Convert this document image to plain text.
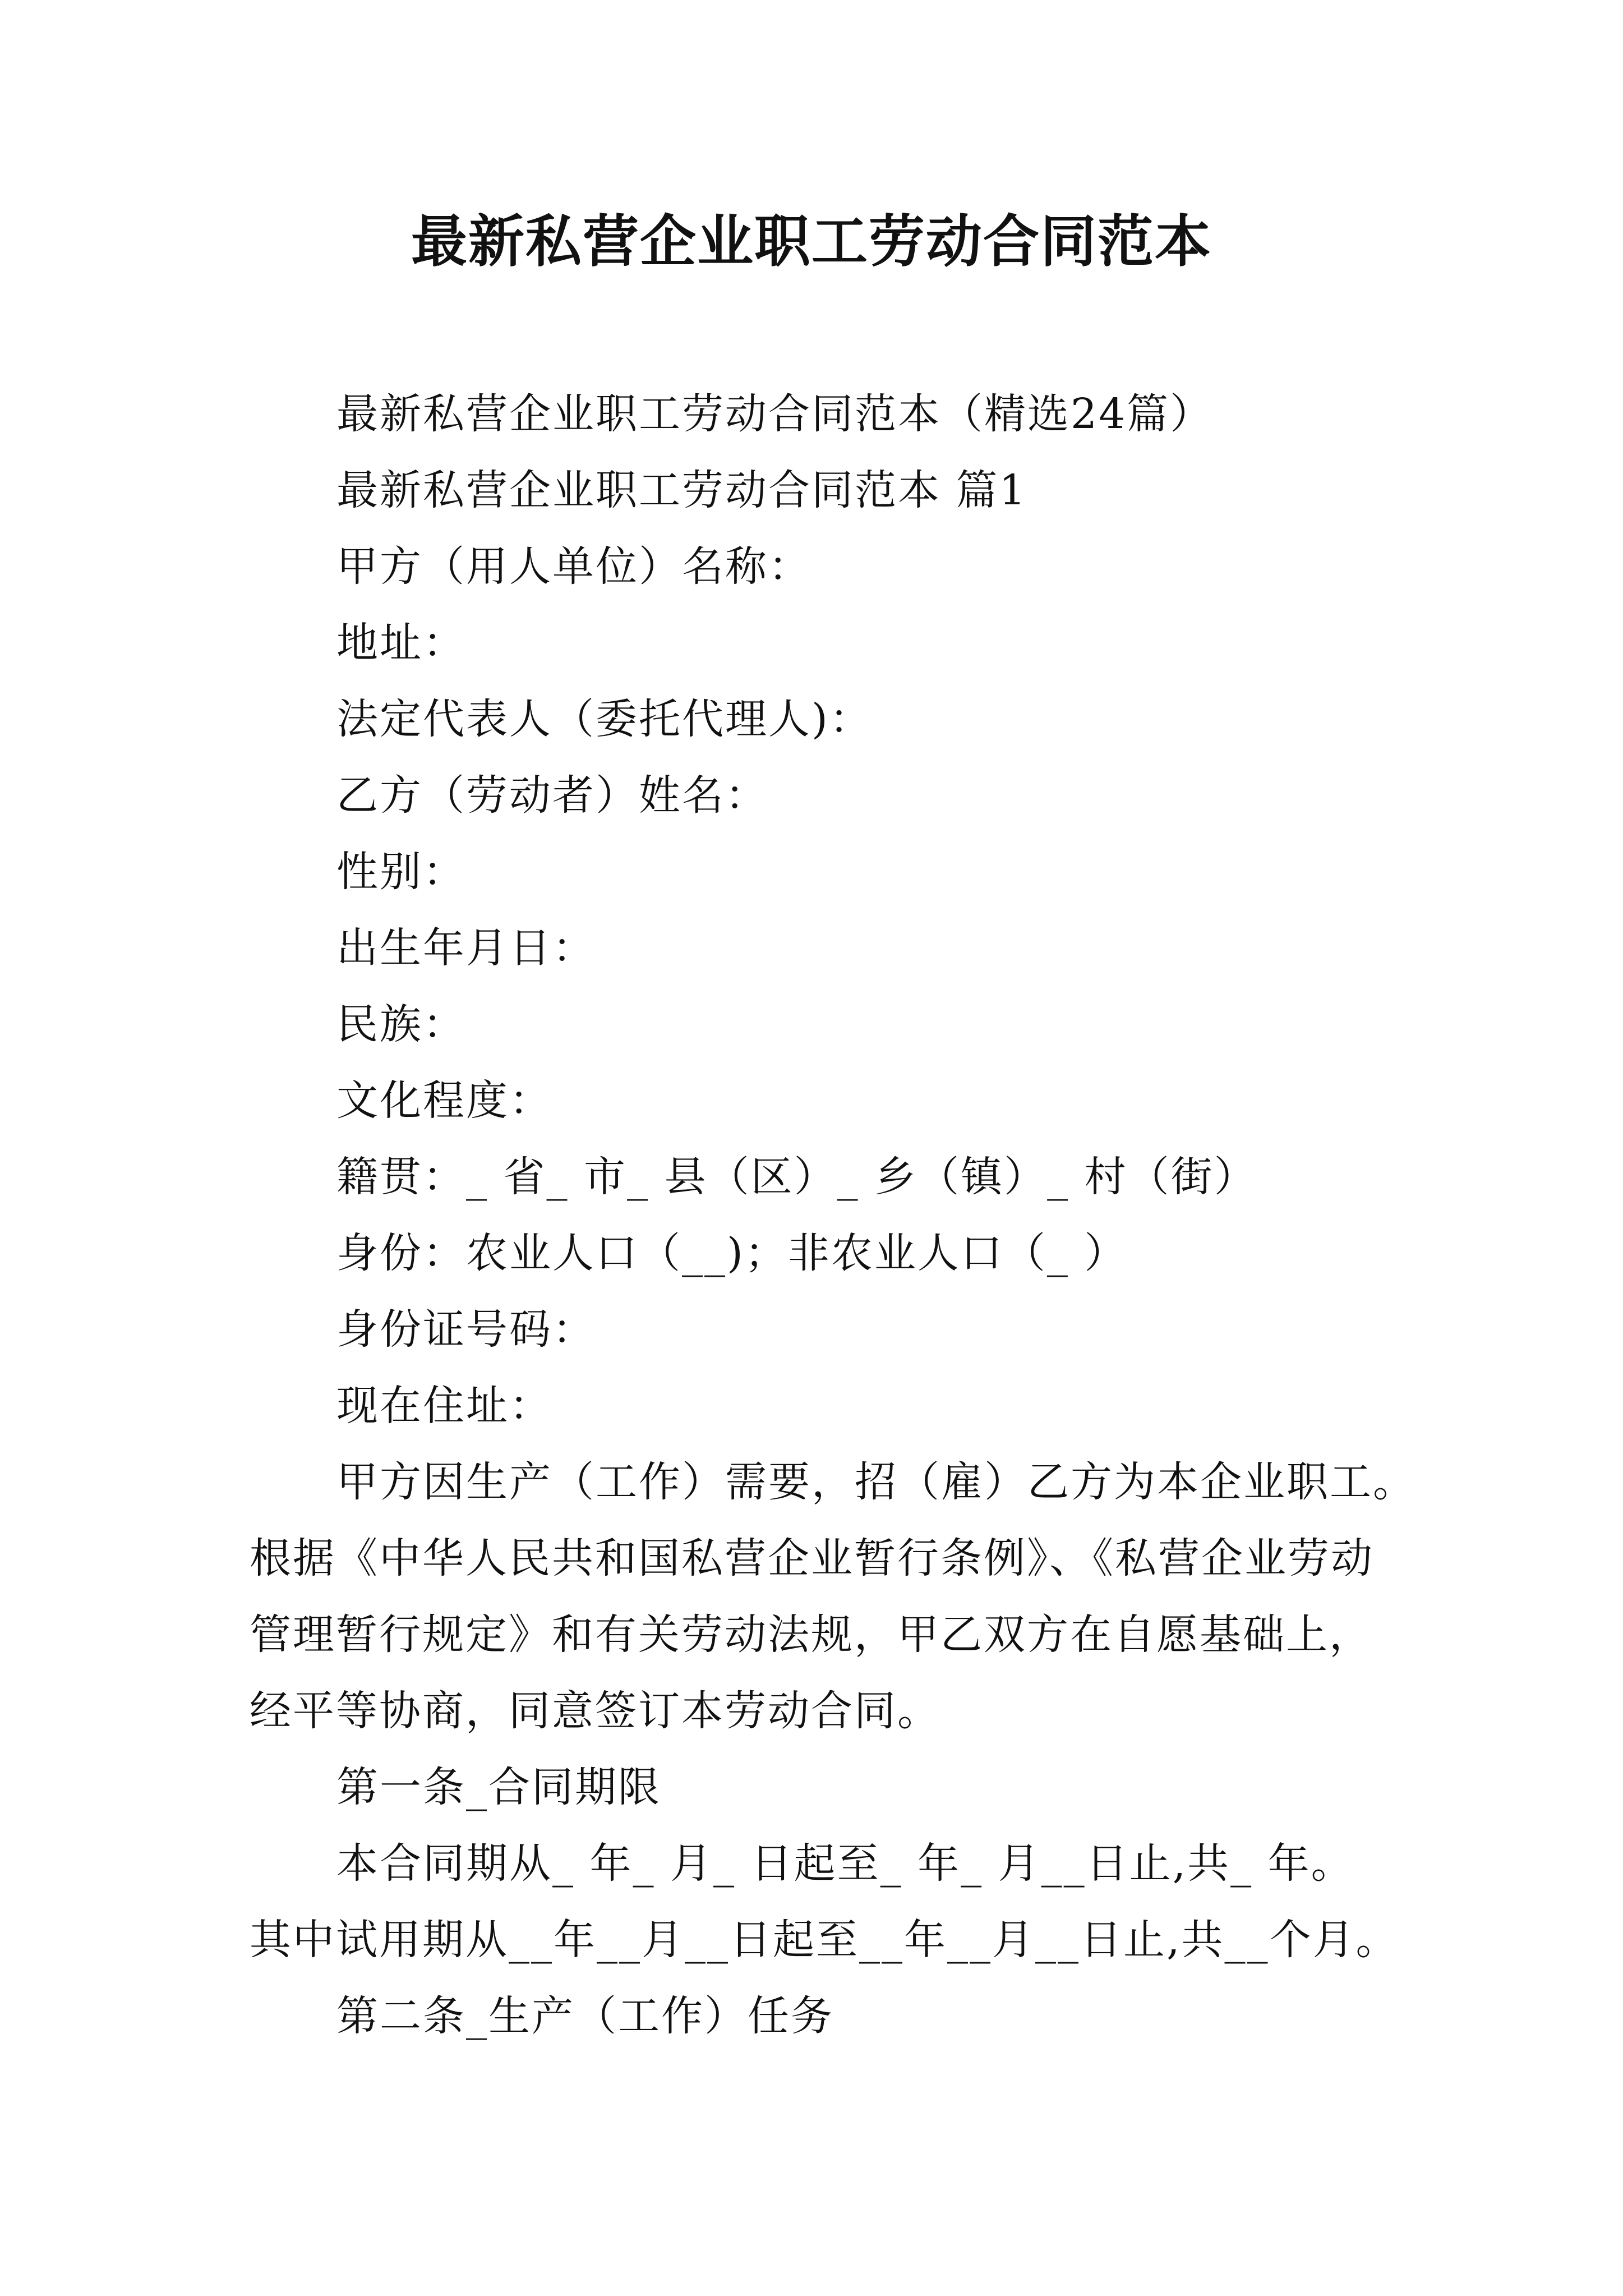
最新私营企业职工劳动合同范本
最新私营企业职工劳动合同范本（精选24篇）
最新私营企业职工劳动合同范本 篇1
甲方（用人单位）名称：
地址：
法定代表人（委托代理人)：
乙方（劳动者）姓名：
性别：
出生年月日：
民族：
文化程度：
籍贯：_ 省_ 市_ 县（区）_ 乡（镇）_ 村（街）
身份：农业人口（__)；非农业人口（_ ）
身份证号码：
现在住址：
甲方因生产（工作）需要，招（雇）乙方为本企业职工。
根据《中华人民共和国私营企业暂行条例》、《私营企业劳动
管理暂行规定》和有关劳动法规，甲乙双方在自愿基础上，
经平等协商，同意签订本劳动合同。
第一条_合同期限
本合同期从_ 年_ 月_ 日起至_ 年_ 月__日止,共_ 年。
其中试用期从__年__月__日起至__年__月__日止,共__个月。
第二条_生产（工作）任务
